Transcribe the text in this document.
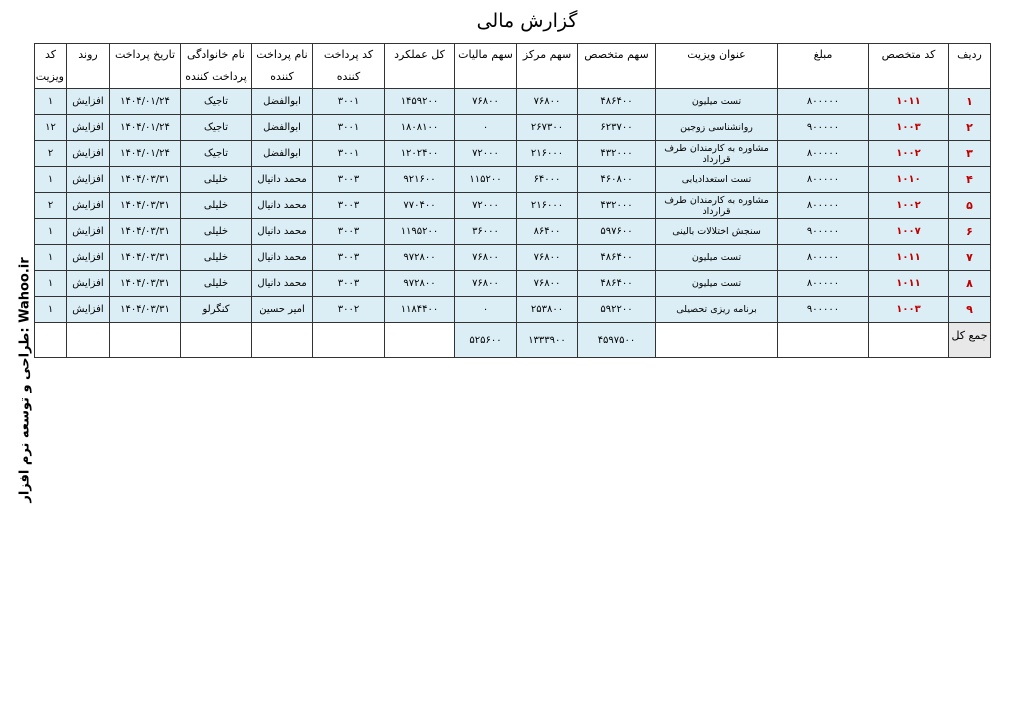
گزارش مالی
طراحی و توسعه نرم افزار: Wahoo.ir
ردیف	کد متخصص	مبلغ	عنوان ویزیت	سهم متخصص	سهم مرکز	سهم مالیات	کل عملکرد	کد پرداخت کننده	نام پرداخت کننده	نام خانوادگی پرداخت کننده	تاریخ پرداخت	روند	کد ویزیت
۱	۱۰۱۱	۸۰۰۰۰۰	تست میلیون	۴۸۶۴۰۰	۷۶۸۰۰	۷۶۸۰۰	۱۴۵۹۲۰۰	۳۰۰۱	ابوالفضل	تاجیک	۱۴۰۴/۰۱/۲۴	افزایش	۱
۲	۱۰۰۳	۹۰۰۰۰۰	روانشناسی زوجین	۶۲۳۷۰۰	۲۶۷۳۰۰	۰	۱۸۰۸۱۰۰	۳۰۰۱	ابوالفضل	تاجیک	۱۴۰۴/۰۱/۲۴	افزایش	۱۲
۳	۱۰۰۲	۸۰۰۰۰۰	مشاوره به کارمندان طرف قرارداد	۴۳۲۰۰۰	۲۱۶۰۰۰	۷۲۰۰۰	۱۲۰۲۴۰۰	۳۰۰۱	ابوالفضل	تاجیک	۱۴۰۴/۰۱/۲۴	افزایش	۲
۴	۱۰۱۰	۸۰۰۰۰۰	تست استعدادیابی	۴۶۰۸۰۰	۶۴۰۰۰	۱۱۵۲۰۰	۹۲۱۶۰۰	۳۰۰۳	محمد دانیال	خلیلی	۱۴۰۴/۰۳/۳۱	افزایش	۱
۵	۱۰۰۲	۸۰۰۰۰۰	مشاوره به کارمندان طرف قرارداد	۴۳۲۰۰۰	۲۱۶۰۰۰	۷۲۰۰۰	۷۷۰۴۰۰	۳۰۰۳	محمد دانیال	خلیلی	۱۴۰۴/۰۳/۳۱	افزایش	۲
۶	۱۰۰۷	۹۰۰۰۰۰	سنجش اختلالات بالینی	۵۹۷۶۰۰	۸۶۴۰۰	۳۶۰۰۰	۱۱۹۵۲۰۰	۳۰۰۳	محمد دانیال	خلیلی	۱۴۰۴/۰۳/۳۱	افزایش	۱
۷	۱۰۱۱	۸۰۰۰۰۰	تست میلیون	۴۸۶۴۰۰	۷۶۸۰۰	۷۶۸۰۰	۹۷۲۸۰۰	۳۰۰۳	محمد دانیال	خلیلی	۱۴۰۴/۰۳/۳۱	افزایش	۱
۸	۱۰۱۱	۸۰۰۰۰۰	تست میلیون	۴۸۶۴۰۰	۷۶۸۰۰	۷۶۸۰۰	۹۷۲۸۰۰	۳۰۰۳	محمد دانیال	خلیلی	۱۴۰۴/۰۳/۳۱	افزایش	۱
۹	۱۰۰۳	۹۰۰۰۰۰	برنامه ریزی تحصیلی	۵۹۲۲۰۰	۲۵۳۸۰۰	۰	۱۱۸۴۴۰۰	۳۰۰۲	امیر حسین	کنگرلو	۱۴۰۴/۰۳/۳۱	افزایش	۱
جمع کل				۴۵۹۷۵۰۰	۱۳۳۳۹۰۰	۵۲۵۶۰۰							
